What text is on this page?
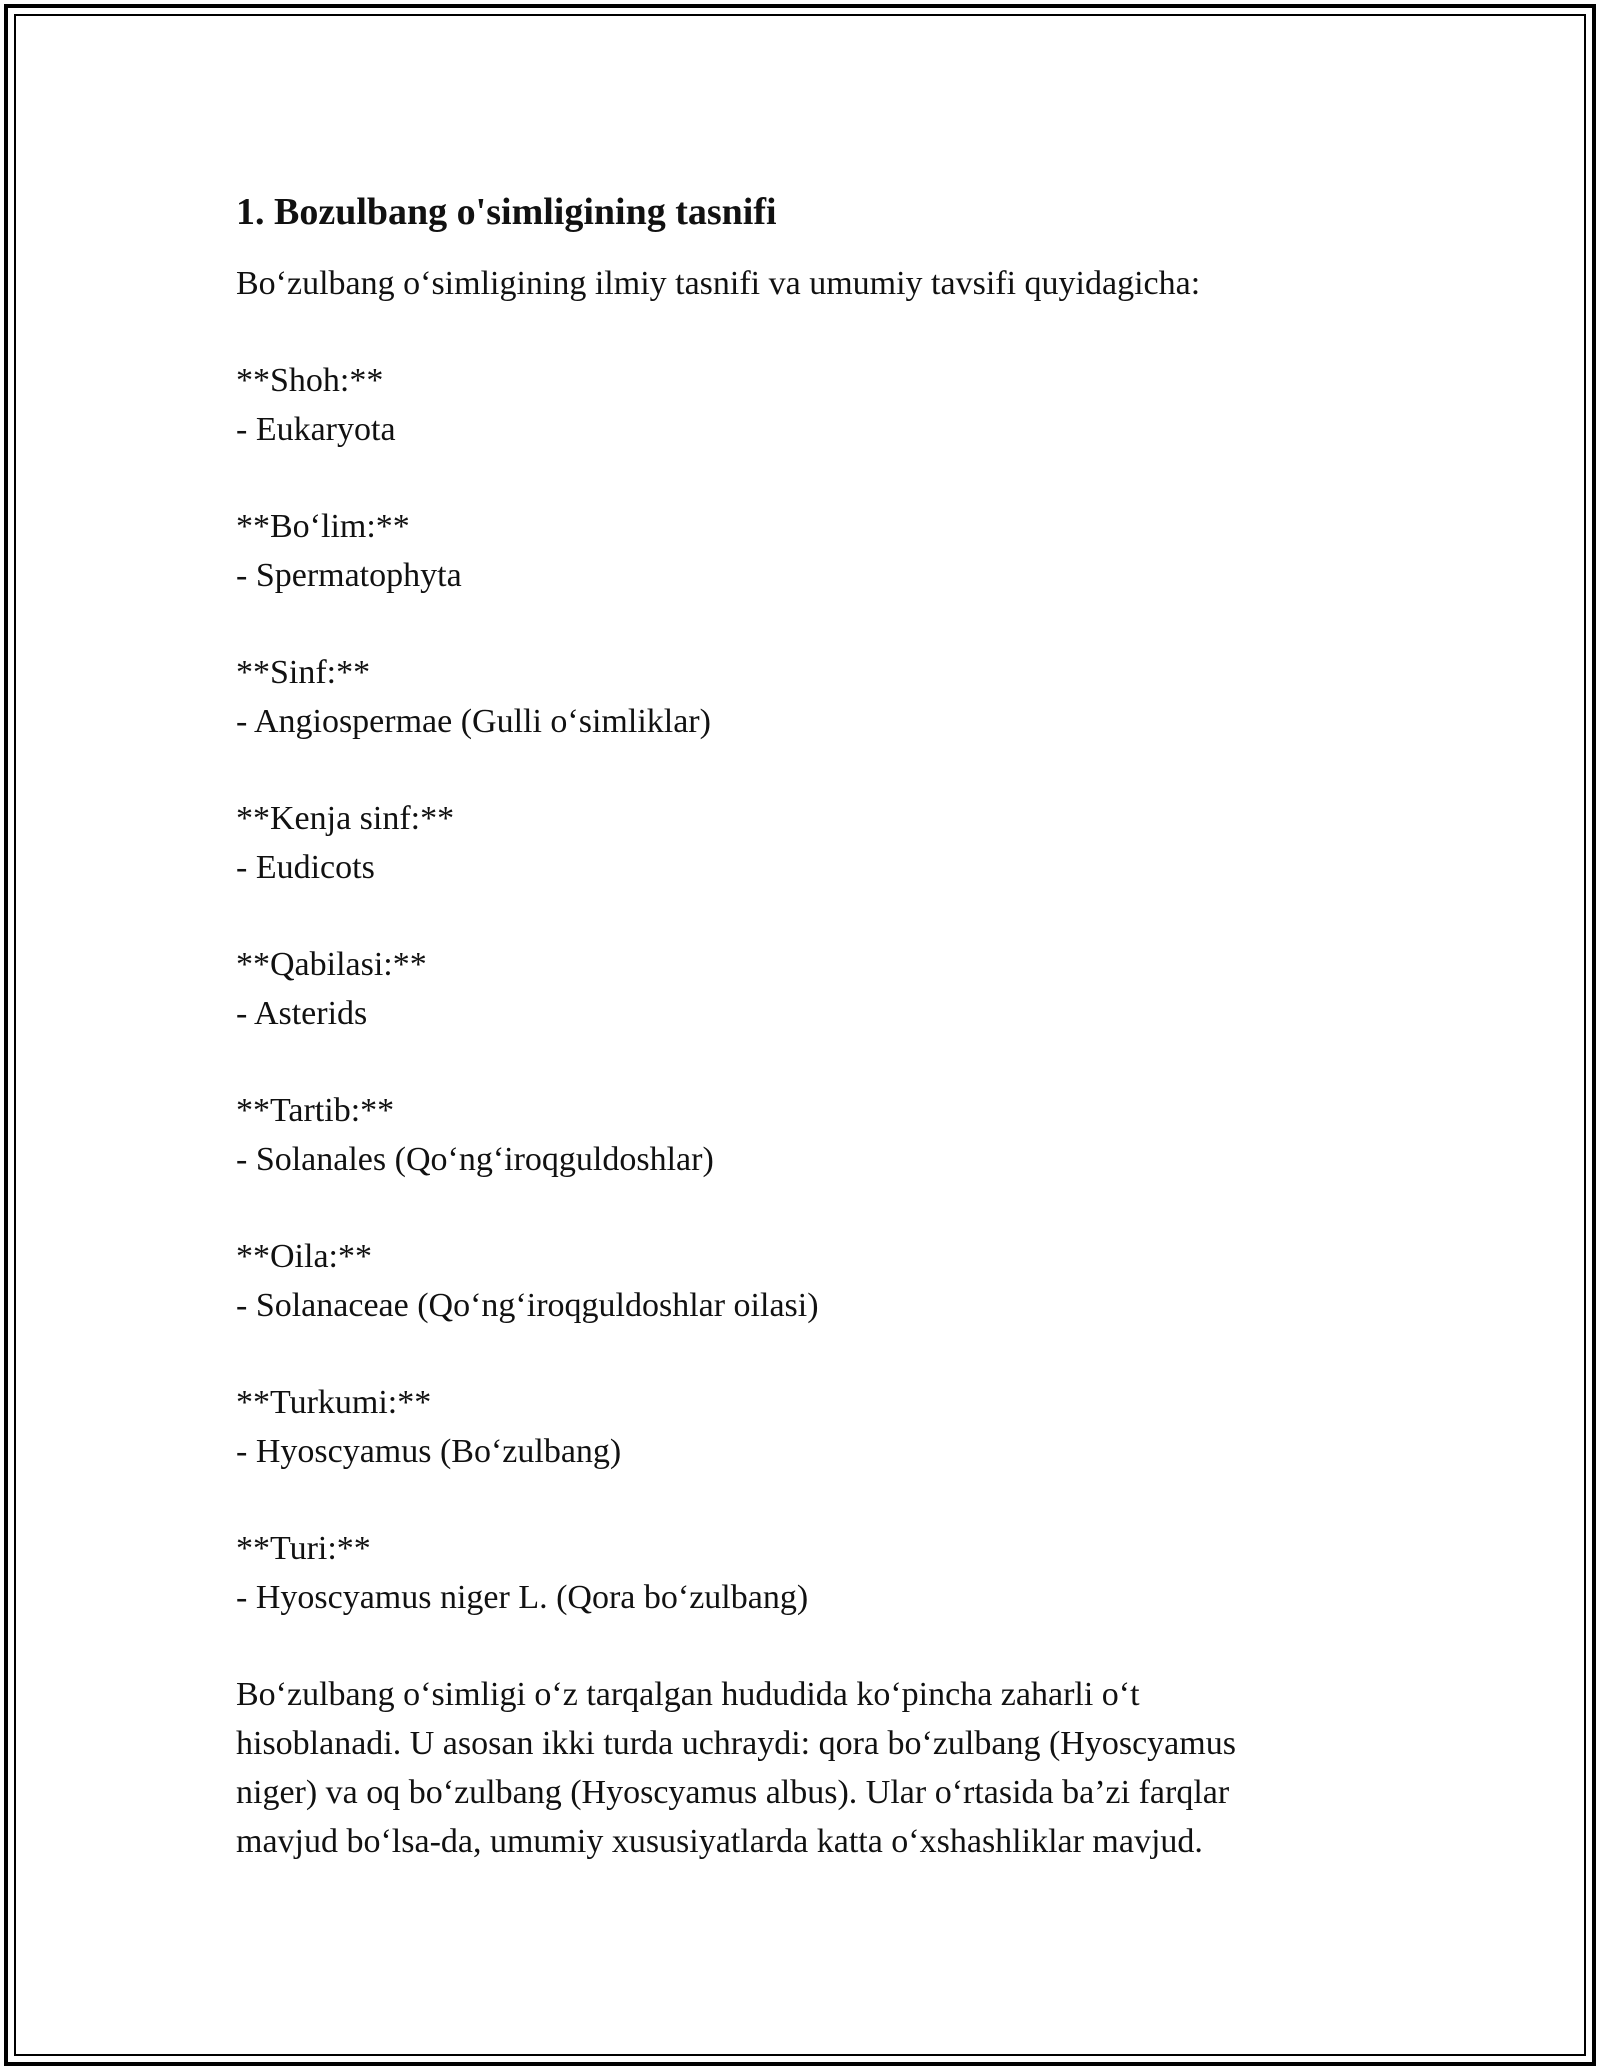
1. Bozulbang o'simligining tasnifi

Bo‘zulbang o‘simligining ilmiy tasnifi va umumiy tavsifi quyidagicha:

**Shoh:**
- Eukaryota
**Bo‘lim:**
- Spermatophyta
**Sinf:**
- Angiospermae (Gulli o‘simliklar)
**Kenja sinf:**
- Eudicots
**Qabilasi:**
- Asterids
**Tartib:**
- Solanales (Qo‘ng‘iroqguldoshlar)
**Oila:**
- Solanaceae (Qo‘ng‘iroqguldoshlar oilasi)
**Turkumi:**
- Hyoscyamus (Bo‘zulbang)
**Turi:**
- Hyoscyamus niger L. (Qora bo‘zulbang)

Bo‘zulbang o‘simligi o‘z tarqalgan hududida ko‘pincha zaharli o‘t
hisoblanadi. U asosan ikki turda uchraydi: qora bo‘zulbang (Hyoscyamus
niger) va oq bo‘zulbang (Hyoscyamus albus). Ular o‘rtasida ba’zi farqlar
mavjud bo‘lsa-da, umumiy xususiyatlarda katta o‘xshashliklar mavjud.
